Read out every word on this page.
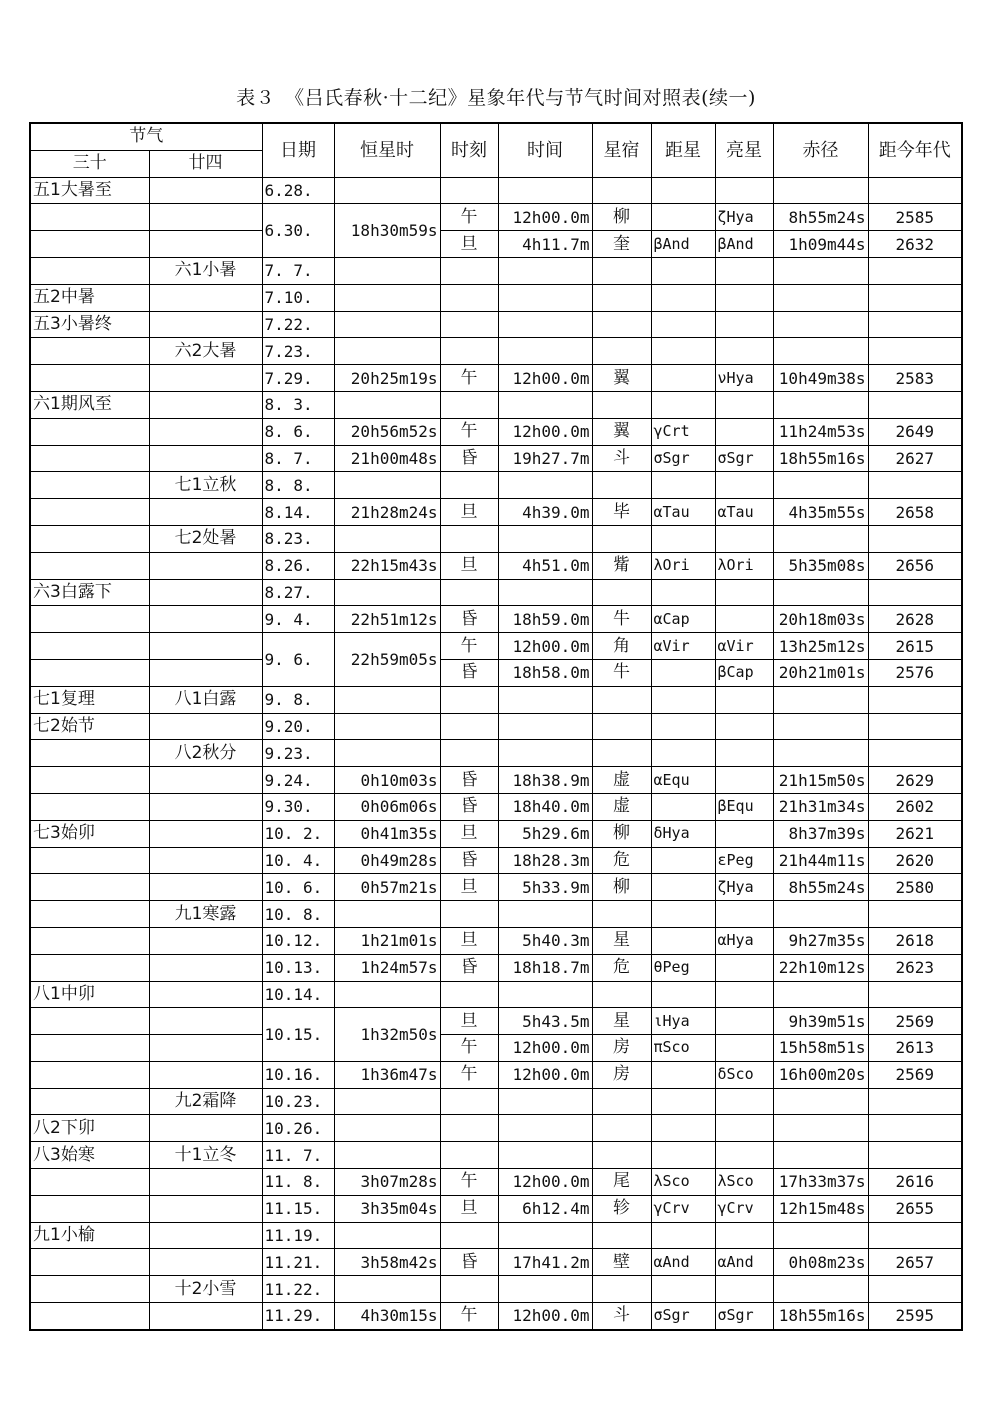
表３　《吕氏春秋·十二纪》星象年代与节气时间对照表(续一)
节气		日期	恒星时	时刻	时间	星宿	距星	亮星	赤径	距今年代
三十	廿四									
五1大暑至		6.28.								
		6.30.	18h30m59s	午	12h00.0m	柳		ζHya	8h55m24s	2585
				旦	4h11.7m	奎	βAnd	βAnd	1h09m44s	2632
	六1小暑	7. 7.								
五2中暑		7.10.								
五3小暑终		7.22.								
	六2大暑	7.23.								
		7.29.	20h25m19s	午	12h00.0m	翼		νHya	10h49m38s	2583
六1期风至		8. 3.								
		8. 6.	20h56m52s	午	12h00.0m	翼	γCrt		11h24m53s	2649
		8. 7.	21h00m48s	昏	19h27.7m	斗	σSgr	σSgr	18h55m16s	2627
	七1立秋	8. 8.								
		8.14.	21h28m24s	旦	4h39.0m	毕	αTau	αTau	4h35m55s	2658
	七2处暑	8.23.								
		8.26.	22h15m43s	旦	4h51.0m	觜	λOri	λOri	5h35m08s	2656
六3白露下		8.27.								
		9. 4.	22h51m12s	昏	18h59.0m	牛	αCap		20h18m03s	2628
		9. 6.	22h59m05s	午	12h00.0m	角	αVir	αVir	13h25m12s	2615
				昏	18h58.0m	牛		βCap	20h21m01s	2576
七1复理	八1白露	9. 8.								
七2始节		9.20.								
	八2秋分	9.23.								
		9.24.	0h10m03s	昏	18h38.9m	虚	αEqu		21h15m50s	2629
		9.30.	0h06m06s	昏	18h40.0m	虚		βEqu	21h31m34s	2602
七3始卯		10. 2.	0h41m35s	旦	5h29.6m	柳	δHya		8h37m39s	2621
		10. 4.	0h49m28s	昏	18h28.3m	危		εPeg	21h44m11s	2620
		10. 6.	0h57m21s	旦	5h33.9m	柳		ζHya	8h55m24s	2580
	九1寒露	10. 8.								
		10.12.	1h21m01s	旦	5h40.3m	星		αHya	9h27m35s	2618
		10.13.	1h24m57s	昏	18h18.7m	危	θPeg		22h10m12s	2623
八1中卯		10.14.								
		10.15.	1h32m50s	旦	5h43.5m	星	ιHya		9h39m51s	2569
				午	12h00.0m	房	πSco		15h58m51s	2613
		10.16.	1h36m47s	午	12h00.0m	房		δSco	16h00m20s	2569
	九2霜降	10.23.								
八2下卯		10.26.								
八3始寒	十1立冬	11. 7.								
		11. 8.	3h07m28s	午	12h00.0m	尾	λSco	λSco	17h33m37s	2616
		11.15.	3h35m04s	旦	6h12.4m	轸	γCrv	γCrv	12h15m48s	2655
九1小榆		11.19.								
		11.21.	3h58m42s	昏	17h41.2m	壁	αAnd	αAnd	0h08m23s	2657
	十2小雪	11.22.								
		11.29.	4h30m15s	午	12h00.0m	斗	σSgr	σSgr	18h55m16s	2595
